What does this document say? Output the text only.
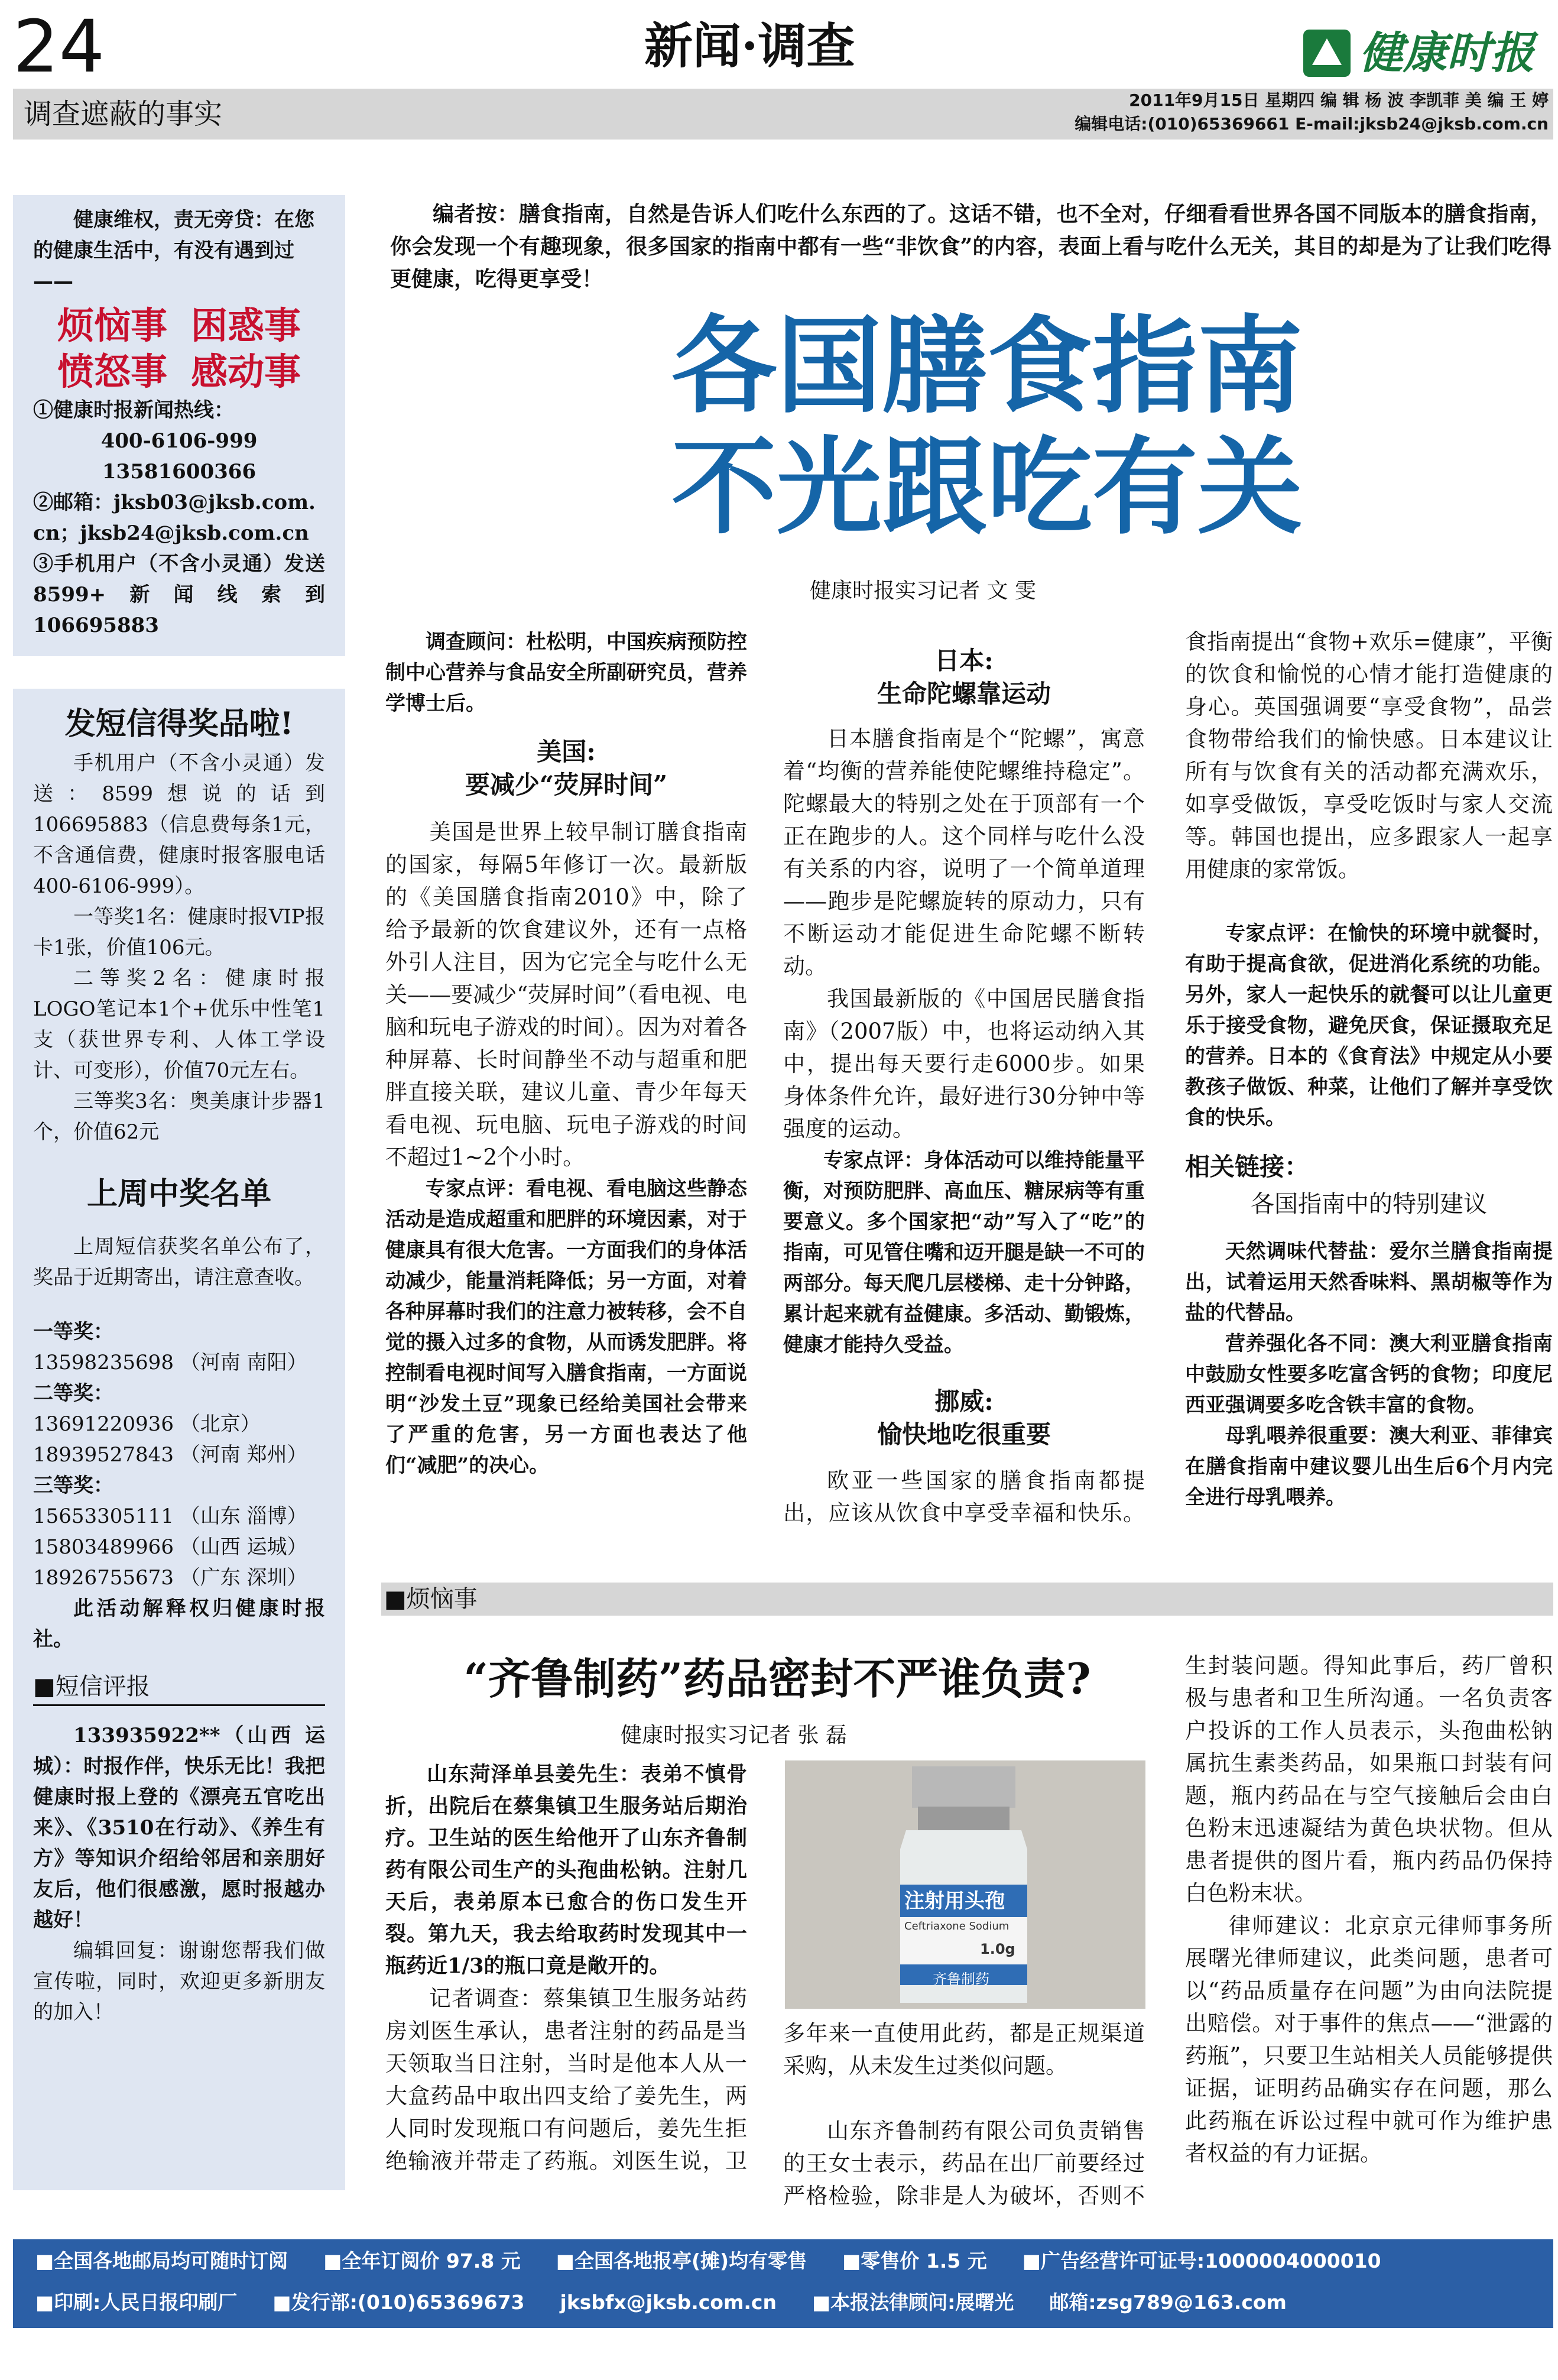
24	新闻·调查	健康时报
调查遮蔽的事实	2011年9月15日 星期四 编 辑 杨 波 李凯菲 美 编 王 婷
编辑电话:(010)65369661 E-mail:jksb24@jksb.com.cn
健康维权，责无旁贷：在您的健康生活中，有没有遇到过——
烦恼事 困惑事
愤怒事 感动事
①健康时报新闻热线：
400-6106-999
13581600366
②邮箱：jksb03@jksb.com.cn；jksb24@jksb.com.cn
③手机用户（不含小灵通）发送8599+新闻线索到106695883
发短信得奖品啦!
手机用户（不含小灵通）发送：8599想说的话到106695883（信息费每条1元，不含通信费，健康时报客服电话400-6106-999）。
一等奖1名：健康时报VIP报卡1张，价值106元。
二等奖2名：健康时报LOGO笔记本1个+优乐中性笔1支（获世界专利、人体工学设计、可变形），价值70元左右。
三等奖3名：奥美康计步器1个，价值62元
上周中奖名单
上周短信获奖名单公布了，奖品于近期寄出，请注意查收。
一等奖：
13598235698 （河南 南阳）
二等奖：
13691220936 （北京）
18939527843 （河南 郑州）
三等奖：
15653305111 （山东 淄博）
15803489966 （山西 运城）
18926755673 （广东 深圳）
此活动解释权归健康时报社。
■短信评报
133935922**（山西 运城）：时报作伴，快乐无比！我把健康时报上登的《漂亮五官吃出来》、《3510在行动》、《养生有方》等知识介绍给邻居和亲朋好友后，他们很感激，愿时报越办越好！
编辑回复：谢谢您帮我们做宣传啦，同时，欢迎更多新朋友的加入！
编者按：膳食指南，自然是告诉人们吃什么东西的了。这话不错，也不全对，仔细看看世界各国不同版本的膳食指南，你会发现一个有趣现象，很多国家的指南中都有一些“非饮食”的内容，表面上看与吃什么无关，其目的却是为了让我们吃得更健康，吃得更享受！
各国膳食指南
不光跟吃有关
健康时报实习记者 文 雯
调查顾问：杜松明，中国疾病预防控制中心营养与食品安全所副研究员，营养学博士后。
美国:
要减少“荧屏时间”
美国是世界上较早制订膳食指南的国家，每隔5年修订一次。最新版的《美国膳食指南2010》中，除了给予最新的饮食建议外，还有一点格外引人注目，因为它完全与吃什么无关——要减少“荧屏时间”（看电视、电脑和玩电子游戏的时间）。因为对着各种屏幕、长时间静坐不动与超重和肥胖直接关联，建议儿童、青少年每天看电视、玩电脑、玩电子游戏的时间不超过1~2个小时。
专家点评：看电视、看电脑这些静态活动是造成超重和肥胖的环境因素，对于健康具有很大危害。一方面我们的身体活动减少，能量消耗降低；另一方面，对着各种屏幕时我们的注意力被转移，会不自觉的摄入过多的食物，从而诱发肥胖。将控制看电视时间写入膳食指南，一方面说明“沙发土豆”现象已经给美国社会带来了严重的危害，另一方面也表达了他们“减肥”的决心。
日本:
生命陀螺靠运动
日本膳食指南是个“陀螺”，寓意着“均衡的营养能使陀螺维持稳定”。陀螺最大的特别之处在于顶部有一个正在跑步的人。这个同样与吃什么没有关系的内容，说明了一个简单道理——跑步是陀螺旋转的原动力，只有不断运动才能促进生命陀螺不断转动。
我国最新版的《中国居民膳食指南》（2007版）中，也将运动纳入其中，提出每天要行走6000步。如果身体条件允许，最好进行30分钟中等强度的运动。
专家点评：身体活动可以维持能量平衡，对预防肥胖、高血压、糖尿病等有重要意义。多个国家把“动”写入了“吃”的指南，可见管住嘴和迈开腿是缺一不可的两部分。每天爬几层楼梯、走十分钟路，累计起来就有益健康。多活动、勤锻炼，健康才能持久受益。
挪威:
愉快地吃很重要
欧亚一些国家的膳食指南都提出，应该从饮食中享受幸福和快乐。
食指南提出“食物+欢乐=健康”，平衡的饮食和愉悦的心情才能打造健康的身心。英国强调要“享受食物”，品尝食物带给我们的愉快感。日本建议让所有与饮食有关的活动都充满欢乐，如享受做饭，享受吃饭时与家人交流等。韩国也提出，应多跟家人一起享用健康的家常饭。
专家点评：在愉快的环境中就餐时，有助于提高食欲，促进消化系统的功能。另外，家人一起快乐的就餐可以让儿童更乐于接受食物，避免厌食，保证摄取充足的营养。日本的《食育法》中规定从小要教孩子做饭、种菜，让他们了解并享受饮食的快乐。
相关链接：
各国指南中的特别建议
天然调味代替盐：爱尔兰膳食指南提出，试着运用天然香味料、黑胡椒等作为盐的代替品。
营养强化各不同：澳大利亚膳食指南中鼓励女性要多吃富含钙的食物；印度尼西亚强调要多吃含铁丰富的食物。
母乳喂养很重要：澳大利亚、菲律宾在膳食指南中建议婴儿出生后6个月内完全进行母乳喂养。
■烦恼事
“齐鲁制药”药品密封不严谁负责?
健康时报实习记者 张 磊
山东菏泽单县姜先生：表弟不慎骨折，出院后在蔡集镇卫生服务站后期治疗。卫生站的医生给他开了山东齐鲁制药有限公司生产的头孢曲松钠。注射几天后，表弟原本已愈合的伤口发生开裂。第九天，我去给取药时发现其中一瓶药近1/3的瓶口竟是敞开的。
记者调查：蔡集镇卫生服务站药房刘医生承认，患者注射的药品是当天领取当日注射，当时是他本人从一大盒药品中取出四支给了姜先生，两人同时发现瓶口有问题后，姜先生拒绝输液并带走了药瓶。刘医生说，卫
注射用头孢
Ceftriaxone Sodium
1.0g
齐鲁制药
多年来一直使用此药，都是正规渠道采购，从未发生过类似问题。
山东齐鲁制药有限公司负责销售的王女士表示，药品在出厂前要经过严格检验，除非是人为破坏，否则不
生封装问题。得知此事后，药厂曾积极与患者和卫生所沟通。一名负责客户投诉的工作人员表示，头孢曲松钠属抗生素类药品，如果瓶口封装有问题，瓶内药品在与空气接触后会由白色粉末迅速凝结为黄色块状物。但从患者提供的图片看，瓶内药品仍保持白色粉末状。
律师建议：北京京元律师事务所展曙光律师建议，此类问题，患者可以“药品质量存在问题”为由向法院提出赔偿。对于事件的焦点——“泄露的药瓶”，只要卫生站相关人员能够提供证据，证明药品确实存在问题，那么此药瓶在诉讼过程中就可作为维护患者权益的有力证据。
■全国各地邮局均可随时订阅 ■全年订阅价 97.8 元 ■全国各地报亭(摊)均有零售 ■零售价 1.5 元 ■广告经营许可证号:1000004000010
■印刷:人民日报印刷厂 ■发行部:(010)65369673 jksbfx@jksb.com.cn ■本报法律顾问:展曙光 邮箱:zsg789@163.com
